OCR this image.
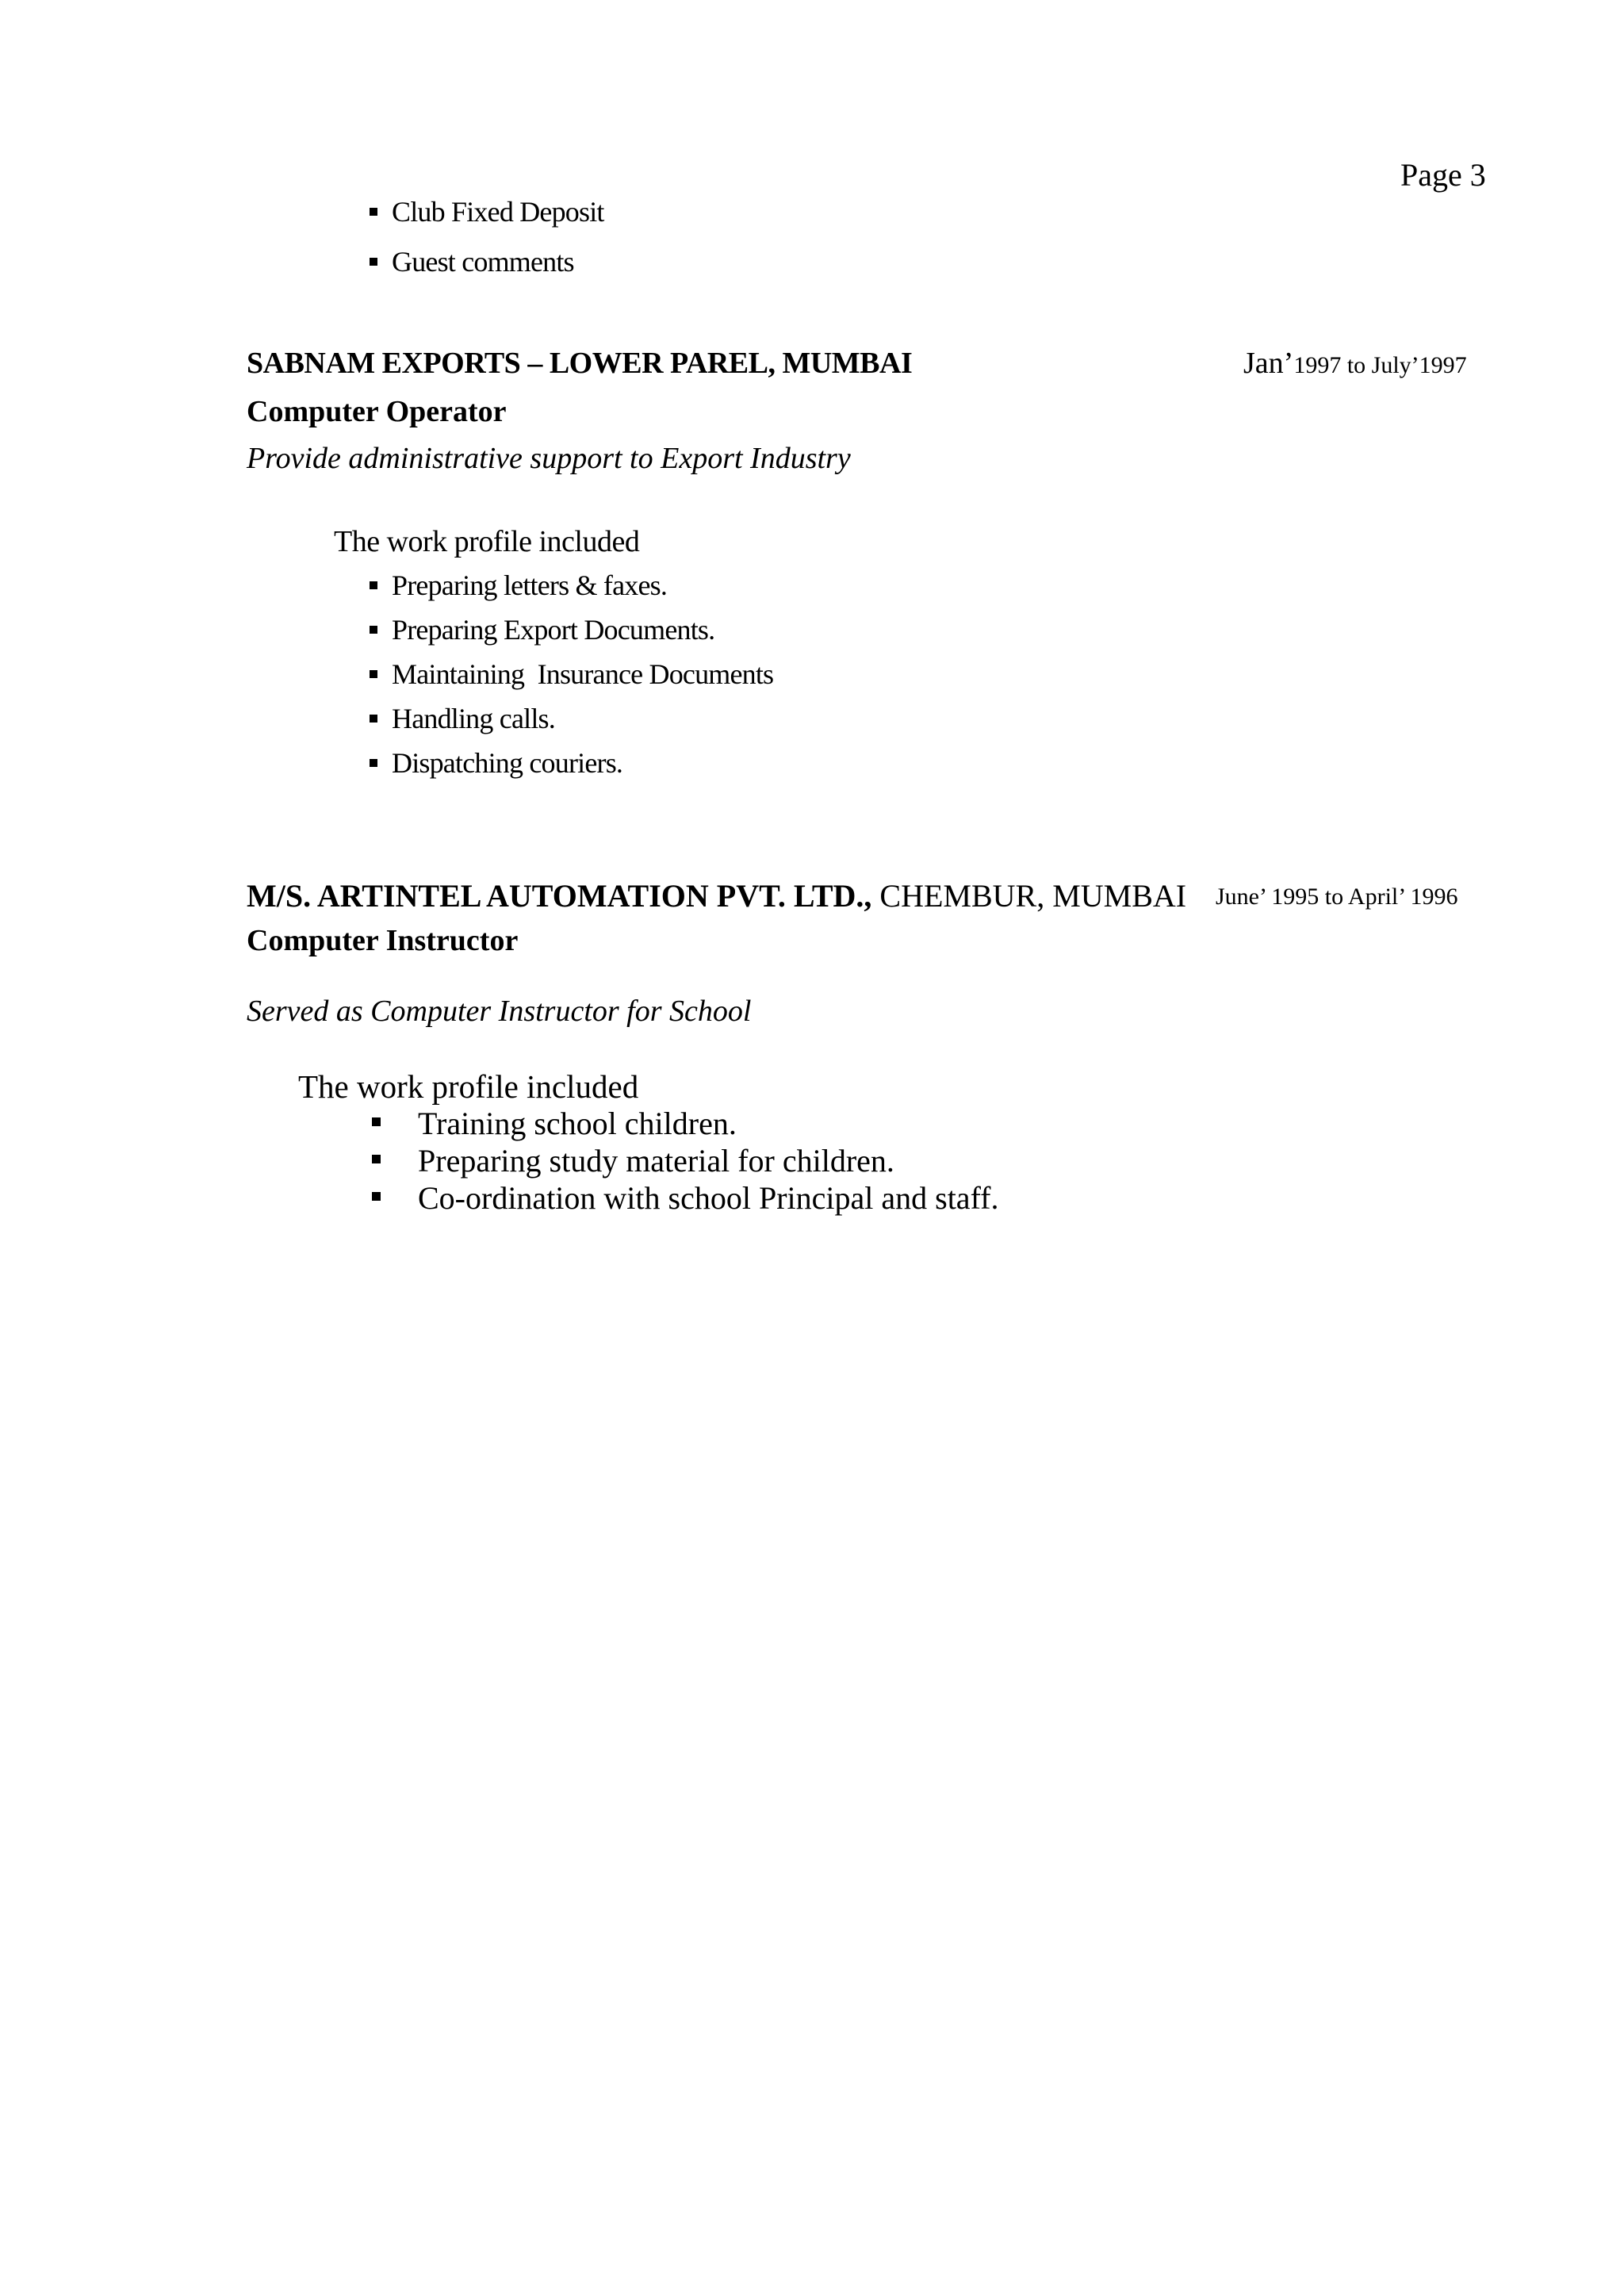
Page 3
Club Fixed Deposit
Guest comments
SABNAM EXPORTS – LOWER PAREL, MUMBAI	Jan’1997 to July’1997
Computer Operator
Provide administrative support to Export Industry
The work profile included
Preparing letters & faxes.
Preparing Export Documents.
Maintaining  Insurance Documents
Handling calls.
Dispatching couriers.
M/S. ARTINTEL AUTOMATION PVT. LTD., CHEMBUR, MUMBAI June’ 1995 to April’ 1996
Computer Instructor
Served as Computer Instructor for School
The work profile included
Training school children.
Preparing study material for children.
Co-ordination with school Principal and staff.
